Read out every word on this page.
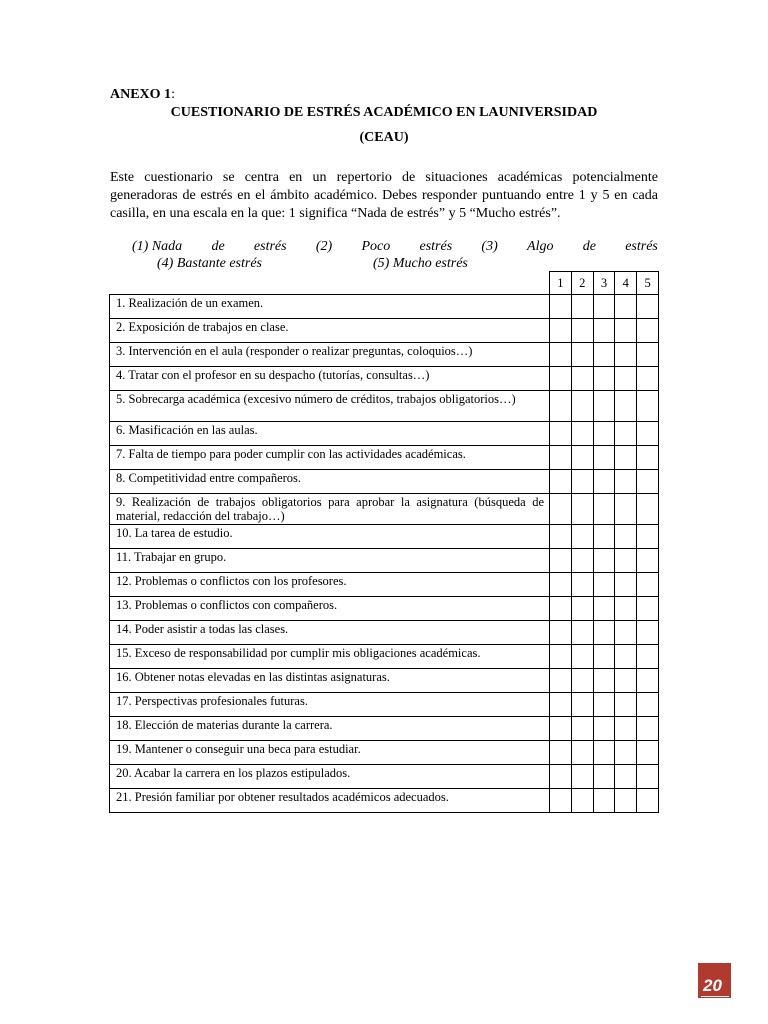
ANEXO 1:
CUESTIONARIO DE ESTRÉS ACADÉMICO EN LAUNIVERSIDAD
(CEAU)

Este cuestionario se centra en un repertorio de situaciones académicas potencialmente generadoras de estrés en el ámbito académico. Debes responder puntuando entre 1 y 5 en cada casilla, en una escala en la que: 1 significa “Nada de estrés” y 5 “Mucho estrés”.

(1) Nada de estrés (2) Poco estrés (3) Algo de estrés
(4) Bastante estrés	(5) Mucho estrés
	1	2	3	4	5
1. Realización de un examen.					
2. Exposición de trabajos en clase.					
3. Intervención en el aula (responder o realizar preguntas, coloquios…)					
4. Tratar con el profesor en su despacho (tutorías, consultas…)					
5. Sobrecarga académica (excesivo número de créditos, trabajos obligatorios…)					
6. Masificación en las aulas.					
7. Falta de tiempo para poder cumplir con las actividades académicas.					
8. Competitividad entre compañeros.					
9. Realización de trabajos obligatorios para aprobar la asignatura (búsqueda de material, redacción del trabajo…)					
10. La tarea de estudio.					
11. Trabajar en grupo.					
12. Problemas o conflictos con los profesores.					
13. Problemas o conflictos con compañeros.					
14. Poder asistir a todas las clases.					
15. Exceso de responsabilidad por cumplir mis obligaciones académicas.					
16. Obtener notas elevadas en las distintas asignaturas.					
17. Perspectivas profesionales futuras.					
18. Elección de materias durante la carrera.					
19. Mantener o conseguir una beca para estudiar.					
20. Acabar la carrera en los plazos estipulados.					
21. Presión familiar por obtener resultados académicos adecuados.					
20
